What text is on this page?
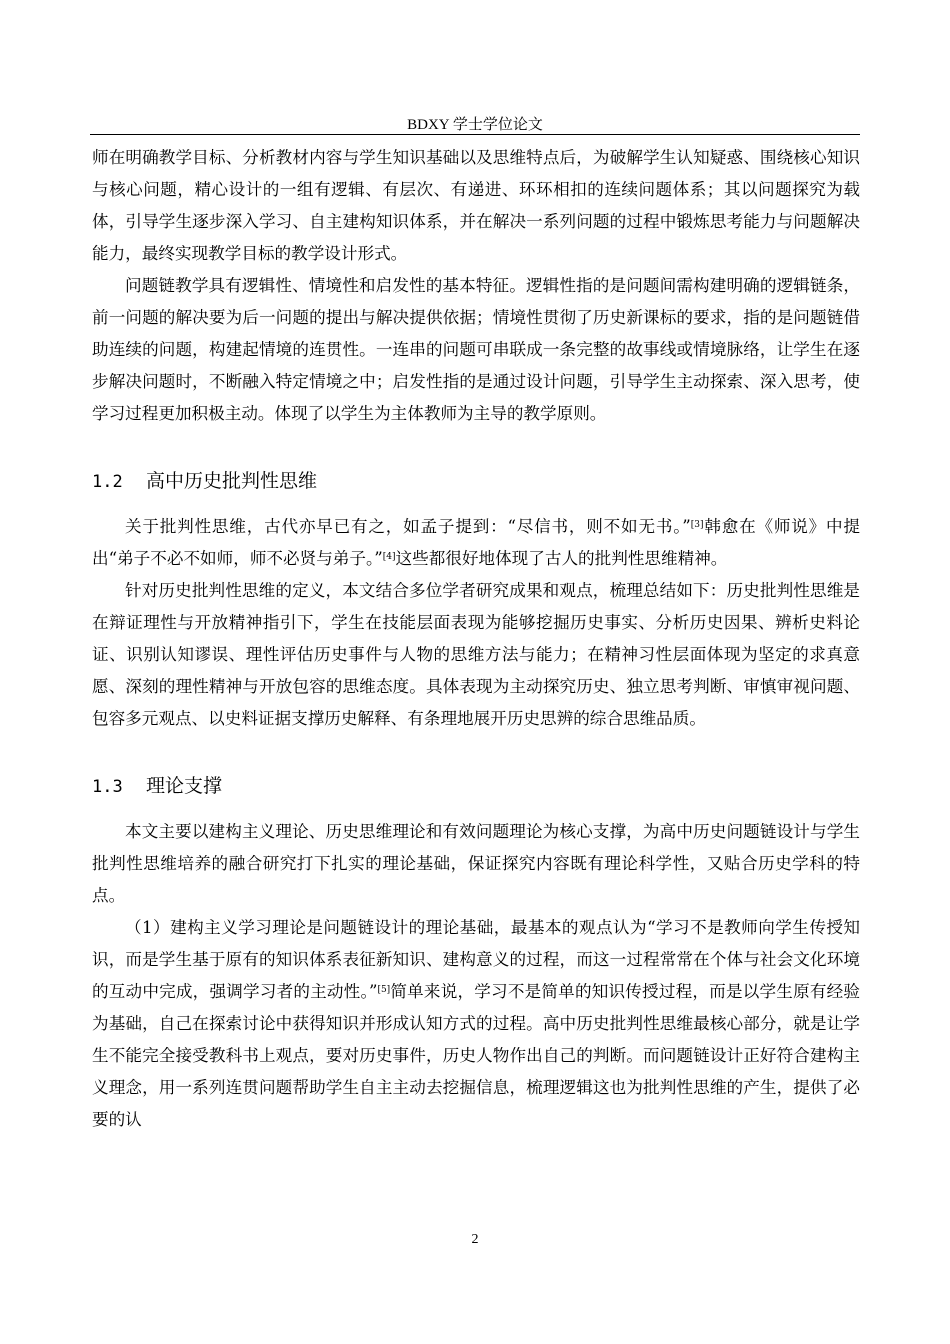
BDXY 学士学位论文

师在明确教学目标、分析教材内容与学生知识基础以及思维特点后，为破解学生认知疑惑、围绕核心知识与核心问题，精心设计的一组有逻辑、有层次、有递进、环环相扣的连续问题体系；其以问题探究为载体，引导学生逐步深入学习、自主建构知识体系，并在解决一系列问题的过程中锻炼思考能力与问题解决能力，最终实现教学目标的教学设计形式。

问题链教学具有逻辑性、情境性和启发性的基本特征。逻辑性指的是问题间需构建明确的逻辑链条，前一问题的解决要为后一问题的提出与解决提供依据；情境性贯彻了历史新课标的要求，指的是问题链借助连续的问题，构建起情境的连贯性。一连串的问题可串联成一条完整的故事线或情境脉络，让学生在逐步解决问题时，不断融入特定情境之中；启发性指的是通过设计问题，引导学生主动探索、深入思考，使学习过程更加积极主动。体现了以学生为主体教师为主导的教学原则。

1.2 高中历史批判性思维

关于批判性思维，古代亦早已有之，如孟子提到：“尽信书，则不如无书。”[3]韩愈在《师说》中提出“弟子不必不如师，师不必贤与弟子。”[4]这些都很好地体现了古人的批判性思维精神。

针对历史批判性思维的定义，本文结合多位学者研究成果和观点，梳理总结如下：历史批判性思维是在辩证理性与开放精神指引下，学生在技能层面表现为能够挖掘历史事实、分析历史因果、辨析史料论证、识别认知谬误、理性评估历史事件与人物的思维方法与能力；在精神习性层面体现为坚定的求真意愿、深刻的理性精神与开放包容的思维态度。具体表现为主动探究历史、独立思考判断、审慎审视问题、包容多元观点、以史料证据支撑历史解释、有条理地展开历史思辨的综合思维品质。

1.3 理论支撑

本文主要以建构主义理论、历史思维理论和有效问题理论为核心支撑，为高中历史问题链设计与学生批判性思维培养的融合研究打下扎实的理论基础，保证探究内容既有理论科学性，又贴合历史学科的特点。

（1）建构主义学习理论是问题链设计的理论基础，最基本的观点认为“学习不是教师向学生传授知识，而是学生基于原有的知识体系表征新知识、建构意义的过程，而这一过程常常在个体与社会文化环境的互动中完成，强调学习者的主动性。”[5]简单来说，学习不是简单的知识传授过程，而是以学生原有经验为基础，自己在探索讨论中获得知识并形成认知方式的过程。高中历史批判性思维最核心部分，就是让学生不能完全接受教科书上观点，要对历史事件，历史人物作出自己的判断。而问题链设计正好符合建构主义理念，用一系列连贯问题帮助学生自主主动去挖掘信息，梳理逻辑这也为批判性思维的产生，提供了必要的认

2
